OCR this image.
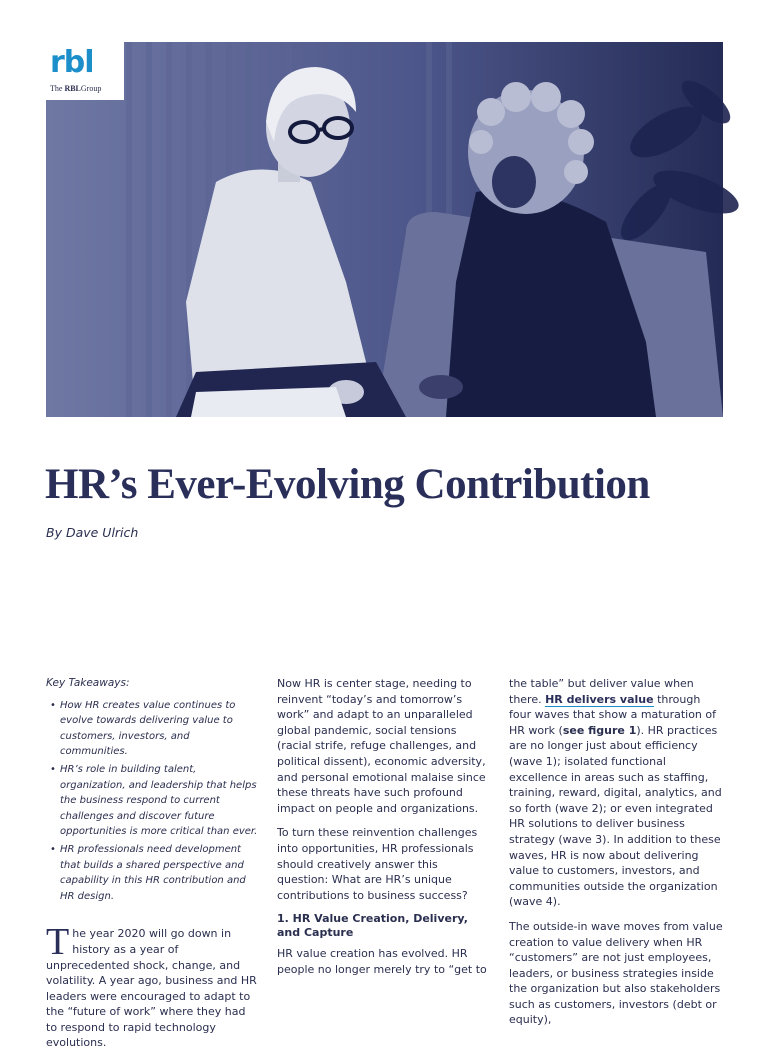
rbl
The RBLGroup
HR’s Ever-Evolving Contribution
By Dave Ulrich
Key Takeaways:
• How HR creates value continues to evolve towards delivering value to customers, investors, and communities.
• HR’s role in building talent, organization, and leadership that helps the business respond to current challenges and discover future opportunities is more critical than ever.
• HR professionals need development that builds a shared perspective and capability in this HR contribution and HR design.
The year 2020 will go down in history as a year of unprecedented shock, change, and volatility. A year ago, business and HR leaders were encouraged to adapt to the “future of work” where they had to respond to rapid technology evolutions.

Now HR is center stage, needing to reinvent “today’s and tomorrow’s work” and adapt to an unparalleled global pandemic, social tensions (racial strife, refuge challenges, and political dissent), economic adversity, and personal emotional malaise since these threats have such profound impact on people and organizations.

To turn these reinvention challenges into opportunities, HR professionals should creatively answer this question: What are HR’s unique contributions to business success?

1. HR Value Creation, Delivery, and Capture

HR value creation has evolved. HR people no longer merely try to “get to

the table” but deliver value when there. HR delivers value through four waves that show a maturation of HR work (see figure 1). HR practices are no longer just about efficiency (wave 1); isolated functional excellence in areas such as staffing, training, reward, digital, analytics, and so forth (wave 2); or even integrated HR solutions to deliver business strategy (wave 3). In addition to these waves, HR is now about delivering value to customers, investors, and communities outside the organization (wave 4).

The outside-in wave moves from value creation to value delivery when HR “customers” are not just employees, leaders, or business strategies inside the organization but also stakeholders such as customers, investors (debt or equity),
